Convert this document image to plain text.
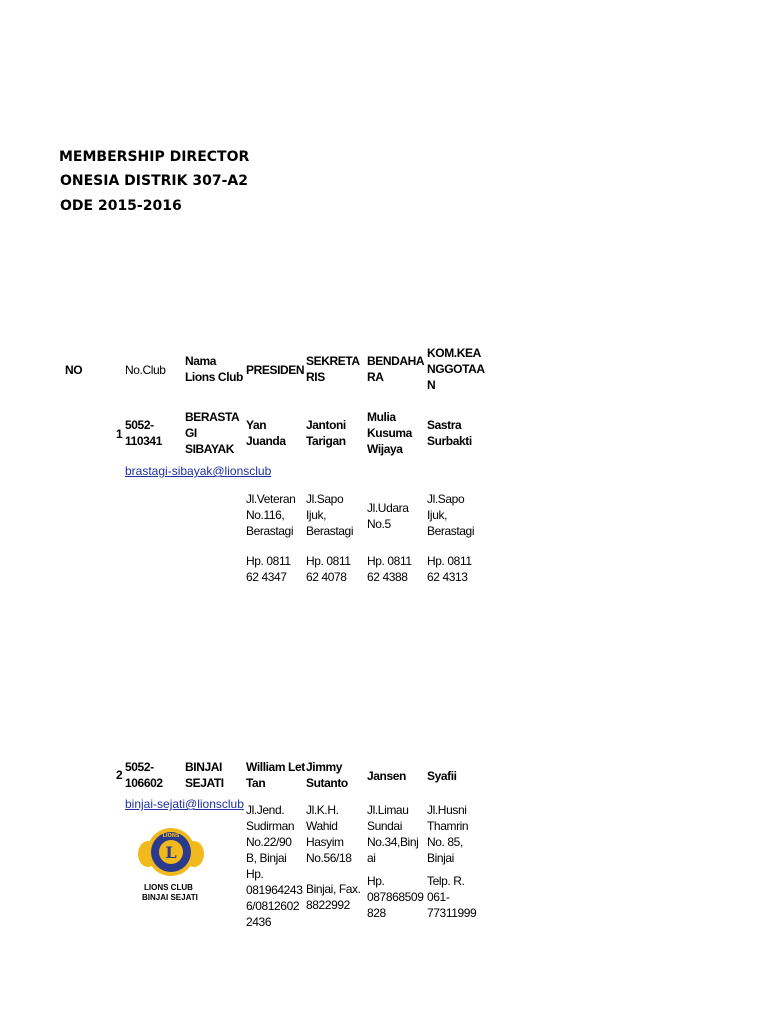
MEMBERSHIP DIRECTOR
ONESIA DISTRIK 307-A2
ODE 2015-2016
NO	No.Club
Nama
Lions Club PRESIDEN
SEKRETA
RIS
BENDAHA
RA
KOM.KEA
NGGOTAA
N
1
5052-
110341
BERASTA
GI
SIBAYAK
Yan
Juanda
Jantoni
Tarigan
Mulia
Kusuma
Wijaya
Sastra
Surbakti
brastagi-sibayak@lionsclub
Jl.Veteran
No.116,
Berastagi
Jl.Sapo
Ijuk,
Berastagi
Jl.Udara
No.5
Jl.Sapo
Ijuk,
Berastagi
Hp. 0811
62 4347
Hp. 0811
62 4078
Hp. 0811
62 4388
Hp. 0811
62 4313
2
5052-
106602
BINJAI
SEJATI
William Let
Tan
Jimmy
Sutanto Jansen Syafii
binjai-sejati@lionsclub
L
LIONS
LIONS CLUB
BINJAI SEJATI
Jl.Jend.
Sudirman
No.22/90
B, Binjai
Jl.K.H.
Wahid
Hasyim
No.56/18
Jl.Limau
Sundai
No.34,Binj
ai
Jl.Husni
Thamrin
No. 85,
Binjai
Hp.
081964243
6/0812602
2436
Binjai, Fax.
8822992
Hp.
087868509
828
Telp. R.
061-
77311999
